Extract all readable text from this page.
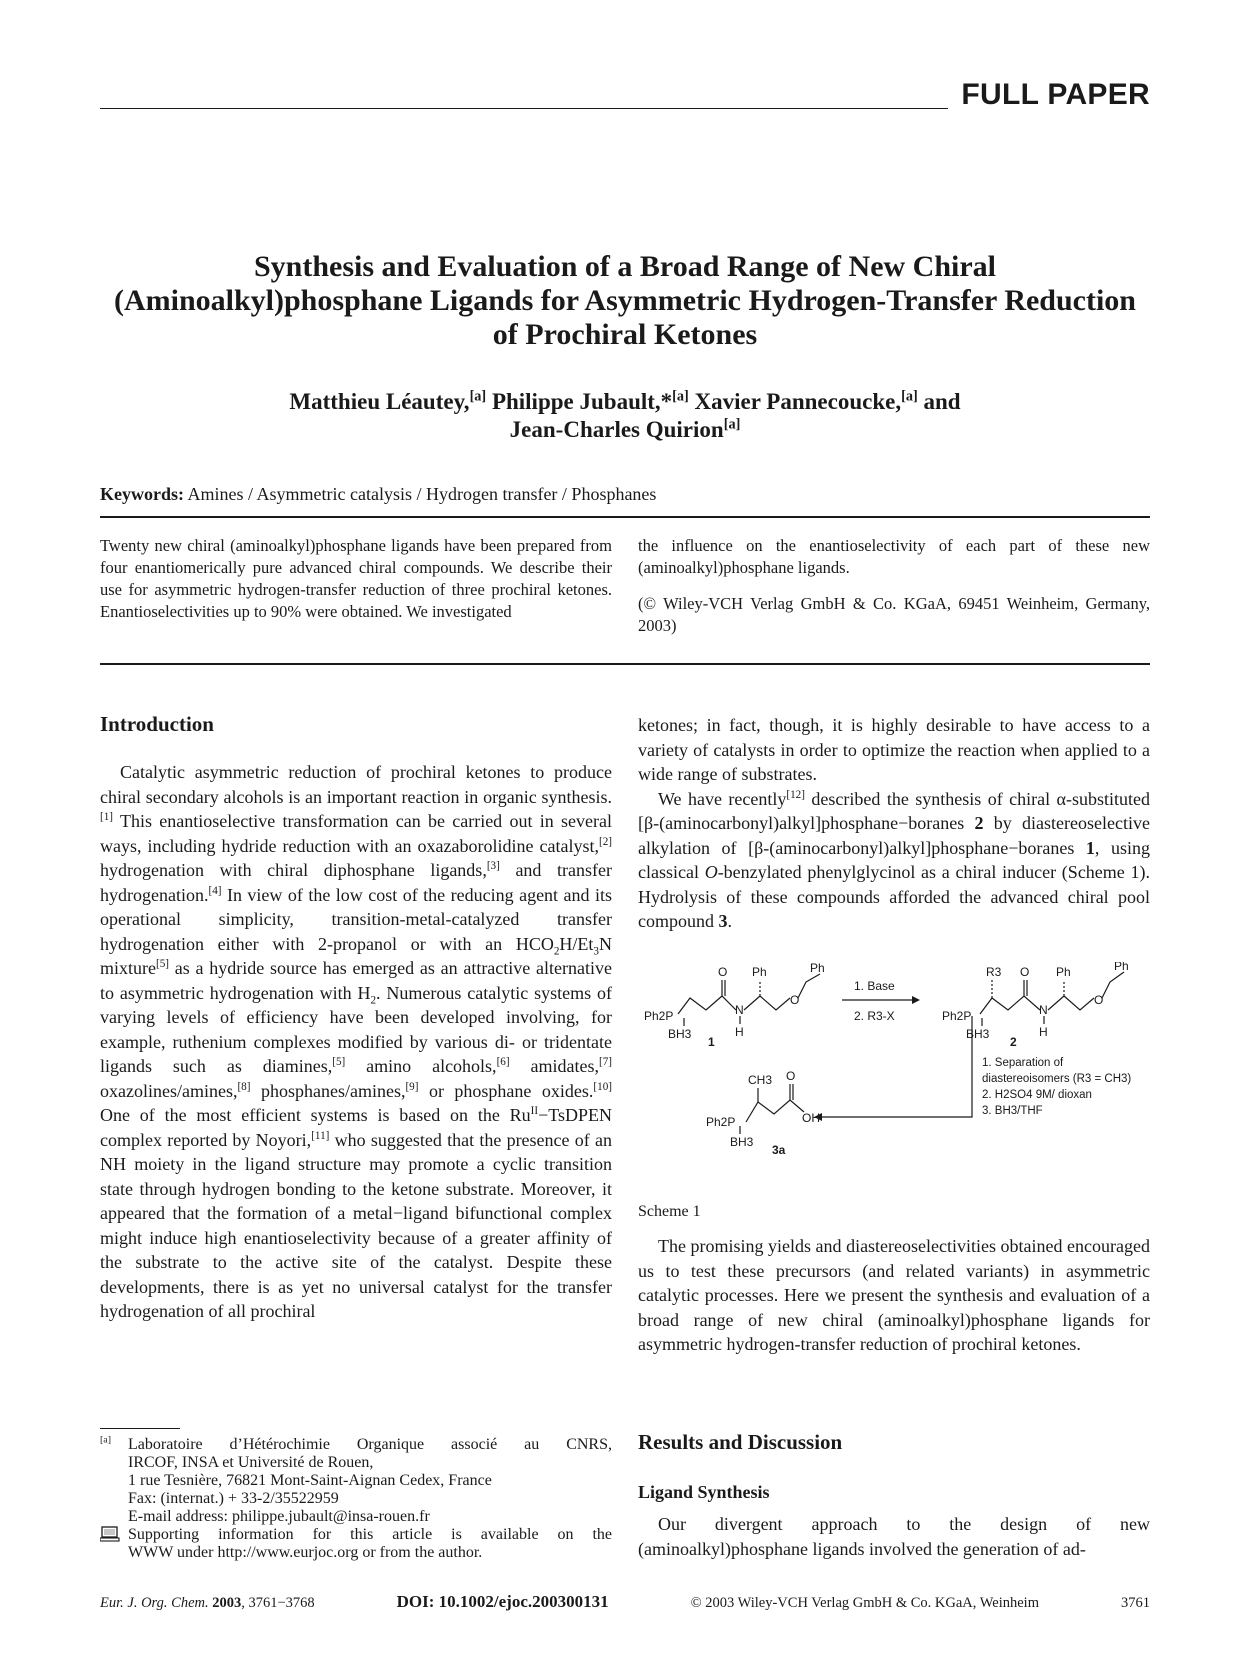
FULL PAPER
Synthesis and Evaluation of a Broad Range of New Chiral
(Aminoalkyl)phosphane Ligands for Asymmetric Hydrogen-Transfer Reduction
of Prochiral Ketones
Matthieu Léautey,[a] Philippe Jubault,*[a] Xavier Pannecoucke,[a] and
Jean-Charles Quirion[a]
Keywords: Amines / Asymmetric catalysis / Hydrogen transfer / Phosphanes
Twenty new chiral (aminoalkyl)phosphane ligands have been prepared from four enantiomerically pure advanced chiral compounds. We describe their use for asymmetric hydrogen-transfer reduction of three prochiral ketones. Enantioselectivities up to 90% were obtained. We investigated

the influence on the enantioselectivity of each part of these new (aminoalkyl)phosphane ligands.

(© Wiley-VCH Verlag GmbH & Co. KGaA, 69451 Weinheim, Germany, 2003)

Introduction

Catalytic asymmetric reduction of prochiral ketones to produce chiral secondary alcohols is an important reaction in organic synthesis.[1] This enantioselective transformation can be carried out in several ways, including hydride reduction with an oxazaborolidine catalyst,[2] hydrogenation with chiral diphosphane ligands,[3] and transfer hydrogenation.[4] In view of the low cost of the reducing agent and its operational simplicity, transition-metal-catalyzed transfer hydrogenation either with 2-propanol or with an $HCO_2H/Et_3N$ mixture[5] as a hydride source has emerged as an attractive alternative to asymmetric hydrogenation with $H_2$. Numerous catalytic systems of varying levels of efficiency have been developed involving, for example, ruthenium complexes modified by various di- or tridentate ligands such as diamines,[5] amino alcohols,[6] amidates,[7] oxazolines/amines,[8] phosphanes/amines,[9] or phosphane oxides.[10] One of the most efficient systems is based on the $Ru^{II}-TsDPEN$ complex reported by Noyori,[11] who suggested that the presence of an NH moiety in the ligand structure may promote a cyclic transition state through hydrogen bonding to the ketone substrate. Moreover, it appeared that the formation of a metal−ligand bifunctional complex might induce high enantioselectivity because of a greater affinity of the substrate to the active site of the catalyst. Despite these developments, there is as yet no universal catalyst for the transfer hydrogenation of all prochiral

ketones; in fact, though, it is highly desirable to have access to a variety of catalysts in order to optimize the reaction when applied to a wide range of substrates.

We have recently[12] described the synthesis of chiral α-substituted [β-(aminocarbonyl)alkyl]phosphane−boranes 2 by diastereoselective alkylation of [β-(aminocarbonyl)alkyl]phosphane−boranes 1, using classical O-benzylated phenylglycinol as a chiral inducer (Scheme 1). Hydrolysis of these compounds afforded the advanced chiral pool compound 3.

O Ph	Ph
O
N
H
Ph2P
BH3
1
1. Base
2. R3-X
R3 O Ph	Ph
O
N
H
Ph2P
BH3
2
1. Separation of
diastereoisomers (R3 = CH3)
2. H2SO4 9M/ dioxan
3. BH3/THF
CH3 O
OH
Ph2P
BH3
3a
Scheme 1

The promising yields and diastereoselectivities obtained encouraged us to test these precursors (and related variants) in asymmetric catalytic processes. Here we present the synthesis and evaluation of a broad range of new chiral (aminoalkyl)phosphane ligands for asymmetric hydrogen-transfer reduction of prochiral ketones.

Results and Discussion
Ligand Synthesis

Our divergent approach to the design of new (aminoalkyl)phosphane ligands involved the generation of ad-

[a]	Laboratoire d’Hétérochimie Organique associé au CNRS,
IRCOF, INSA et Université de Rouen,
1 rue Tesnière, 76821 Mont-Saint-Aignan Cedex, France
Fax: (internat.) + 33-2/35522959
E-mail address: philippe.jubault@insa-rouen.fr
Supporting information for this article is available on the
WWW under http://www.eurjoc.org or from the author.
Eur. J. Org. Chem. 2003, 3761−3768	DOI: 10.1002/ejoc.200300131	© 2003 Wiley-VCH Verlag GmbH & Co. KGaA, Weinheim	3761
